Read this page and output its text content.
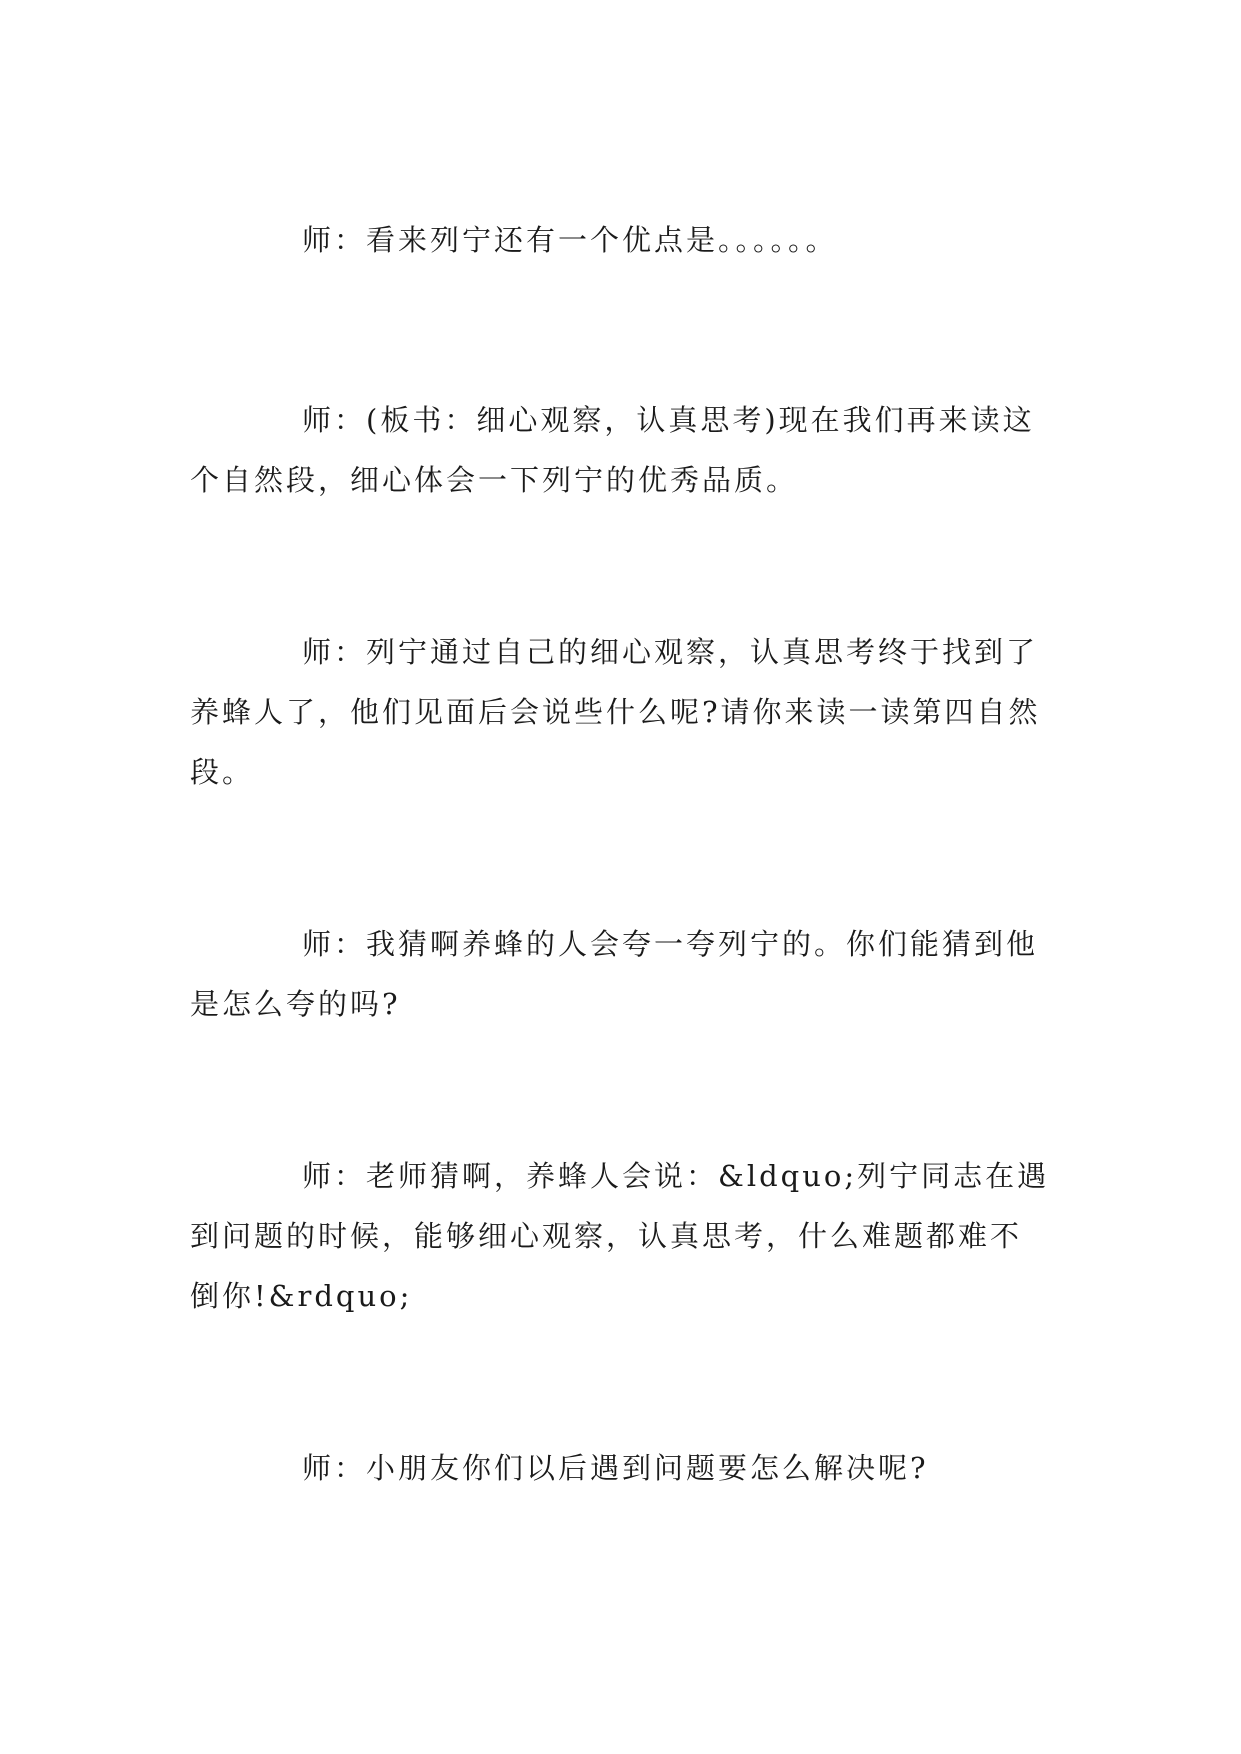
师：看来列宁还有一个优点是。。。。。。

师：(板书：细心观察，认真思考)现在我们再来读这个自然段，细心体会一下列宁的优秀品质。

师：列宁通过自己的细心观察，认真思考终于找到了养蜂人了，他们见面后会说些什么呢?请你来读一读第四自然段。

师：我猜啊养蜂的人会夸一夸列宁的。你们能猜到他是怎么夸的吗?

师：老师猜啊，养蜂人会说：&ldquo;列宁同志在遇到问题的时候，能够细心观察，认真思考，什么难题都难不倒你!&rdquo;

师：小朋友你们以后遇到问题要怎么解决呢?
